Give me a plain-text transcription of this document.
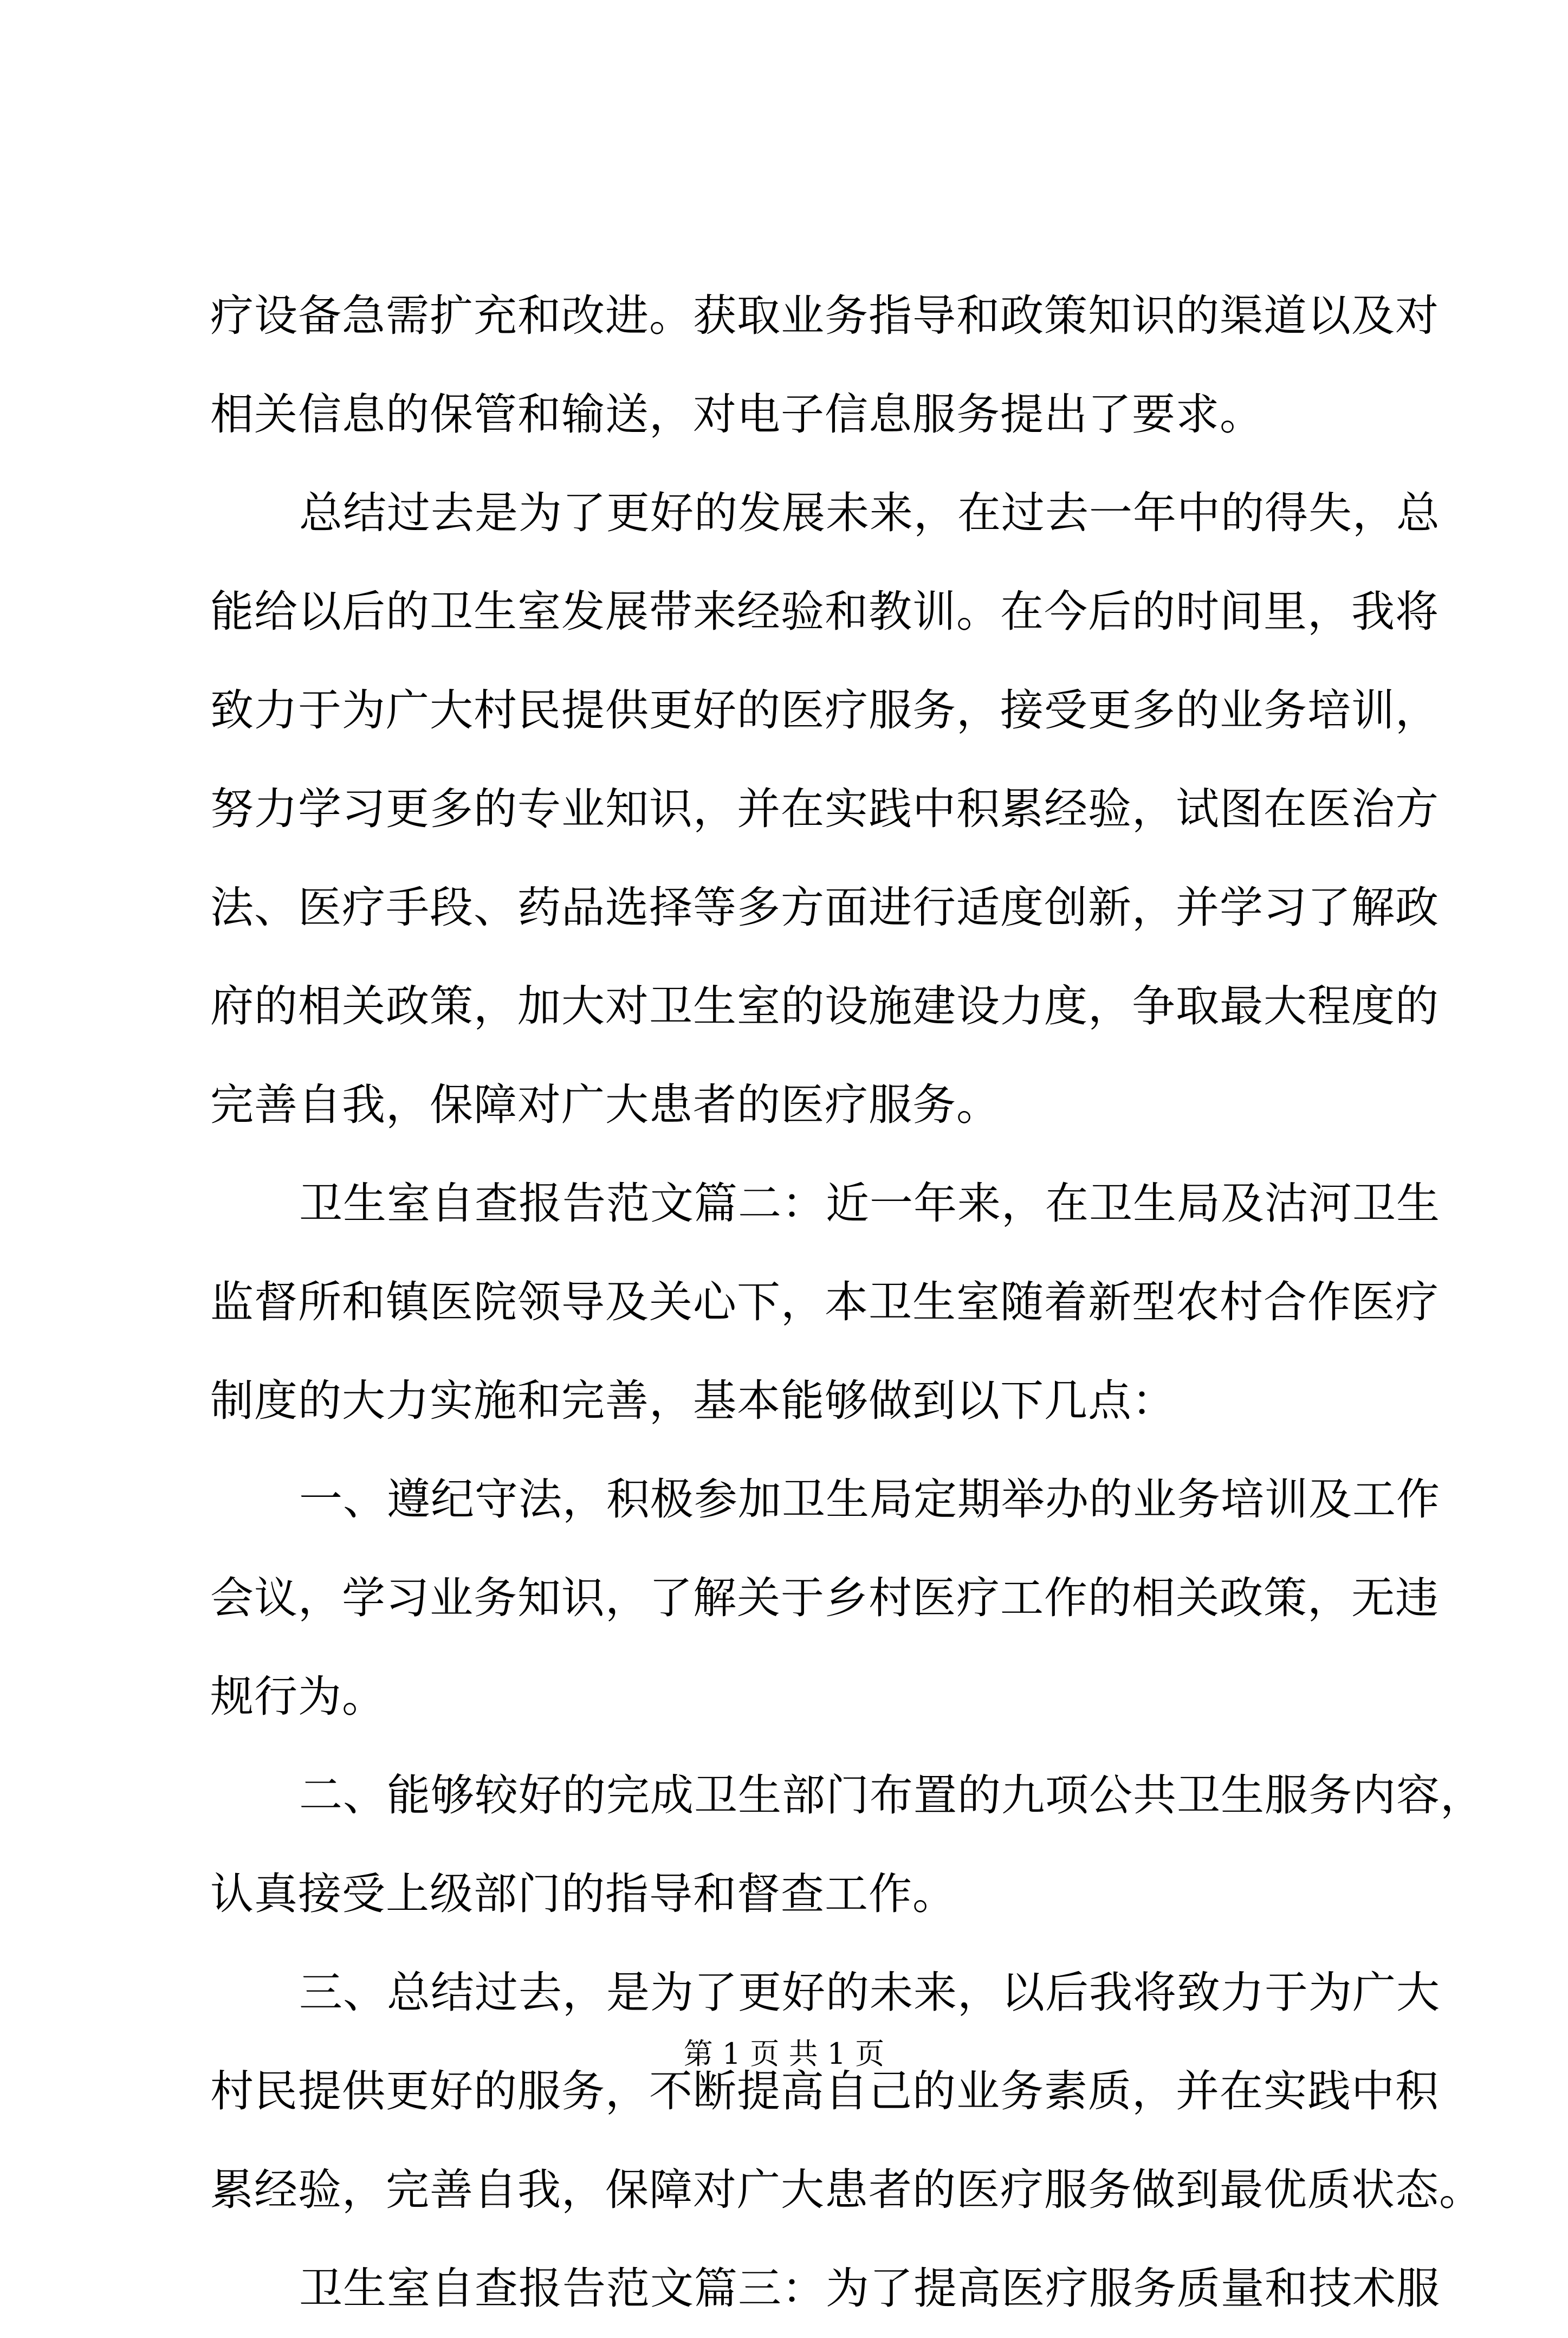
疗设备急需扩充和改进。获取业务指导和政策知识的渠道以及对
相关信息的保管和输送，对电子信息服务提出了要求。
总结过去是为了更好的发展未来，在过去一年中的得失，总
能给以后的卫生室发展带来经验和教训。在今后的时间里，我将
致力于为广大村民提供更好的医疗服务，接受更多的业务培训，
努力学习更多的专业知识，并在实践中积累经验，试图在医治方
法、医疗手段、药品选择等多方面进行适度创新，并学习了解政
府的相关政策，加大对卫生室的设施建设力度，争取最大程度的
完善自我，保障对广大患者的医疗服务。
卫生室自查报告范文篇二：近一年来，在卫生局及沽河卫生
监督所和镇医院领导及关心下，本卫生室随着新型农村合作医疗
制度的大力实施和完善，基本能够做到以下几点：
一、遵纪守法，积极参加卫生局定期举办的业务培训及工作
会议，学习业务知识，了解关于乡村医疗工作的相关政策，无违
规行为。
二、能够较好的完成卫生部门布置的九项公共卫生服务内容，
认真接受上级部门的指导和督查工作。
三、总结过去，是为了更好的未来，以后我将致力于为广大
村民提供更好的服务，不断提高自己的业务素质，并在实践中积
累经验，完善自我，保障对广大患者的医疗服务做到最优质状态。
卫生室自查报告范文篇三：为了提高医疗服务质量和技术服
第 1 页 共 1 页
